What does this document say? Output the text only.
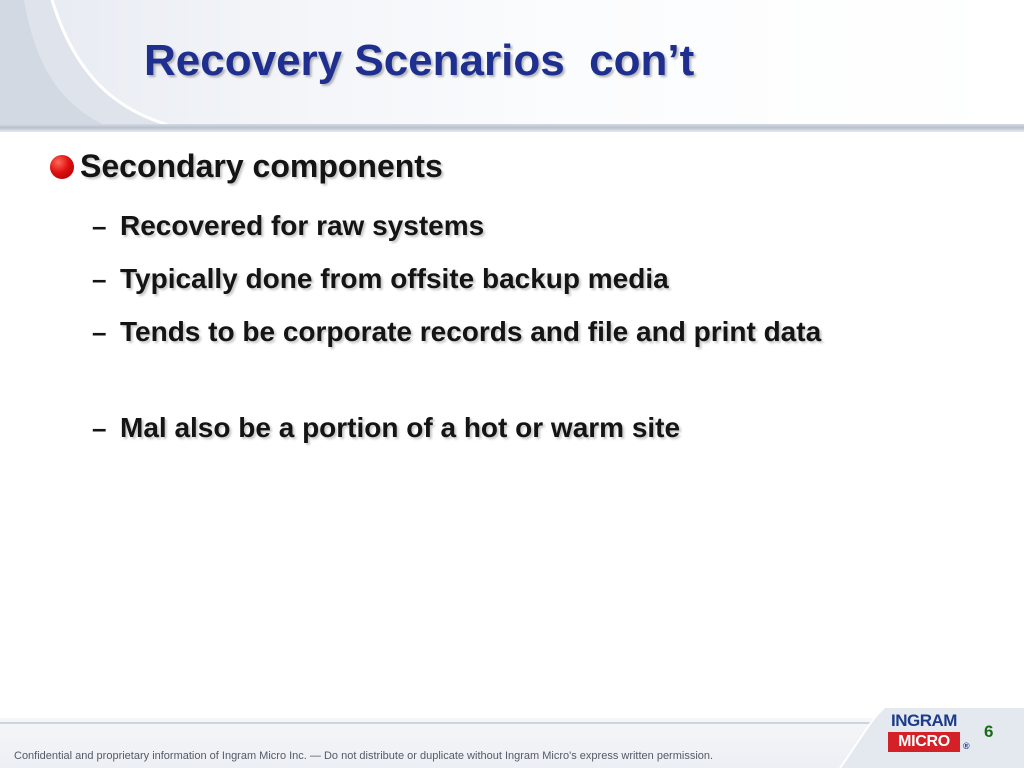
Recovery Scenarios  con’t
Secondary components
– Recovered for raw systems
– Typically done from offsite backup media
– Tends to be corporate records and file and print data
– Mal also be a portion of a hot or warm site
Confidential and proprietary information of Ingram Micro Inc. — Do not distribute or duplicate without Ingram Micro's express written permission.
INGRAM
MICRO	®
6
